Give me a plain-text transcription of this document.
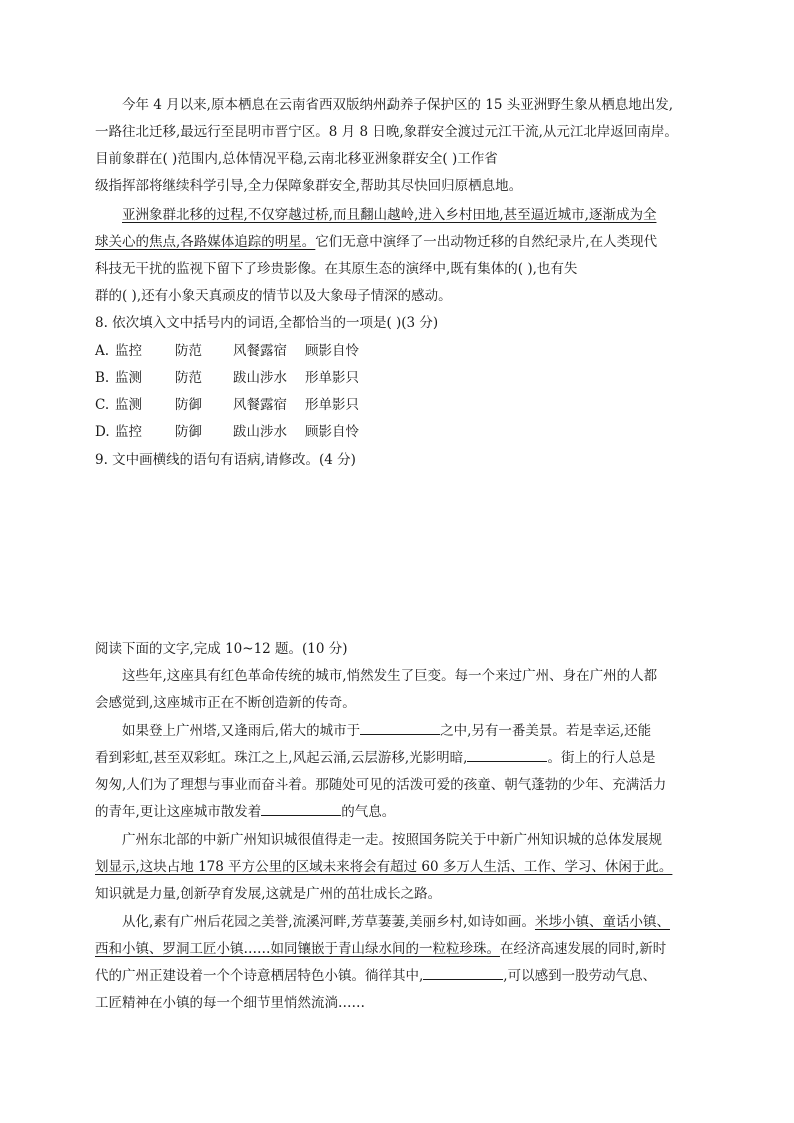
今年 4 月以来,原本栖息在云南省西双版纳州勐养子保护区的 15 头亚洲野生象从栖息地出发,
一路往北迁移,最远行至昆明市晋宁区。8 月 8 日晚,象群安全渡过元江干流,从元江北岸返回南岸。
目前象群在( )范围内,总体情况平稳,云南北移亚洲象群安全( )工作省
级指挥部将继续科学引导,全力保障象群安全,帮助其尽快回归原栖息地。
亚洲象群北移的过程,不仅穿越过桥,而且翻山越岭,进入乡村田地,甚至逼近城市,逐渐成为全
球关心的焦点,各路媒体追踪的明星。它们无意中演绎了一出动物迁移的自然纪录片,在人类现代
科技无干扰的监视下留下了珍贵影像。在其原生态的演绎中,既有集体的( ),也有失
群的( ),还有小象天真顽皮的情节以及大象母子情深的感动。
8. 依次填入文中括号内的词语,全都恰当的一项是( )(3 分)
A. 监控 防范 风餐露宿 顾影自怜
B. 监测 防范 跋山涉水 形单影只
C. 监测 防御 风餐露宿 形单影只
D. 监控 防御 跋山涉水 顾影自怜
9. 文中画横线的语句有语病,请修改。(4 分)
阅读下面的文字,完成 10~12 题。(10 分)
这些年,这座具有红色革命传统的城市,悄然发生了巨变。每一个来过广州、身在广州的人都
会感觉到,这座城市正在不断创造新的传奇。
如果登上广州塔,又逢雨后,偌大的城市于	之中,另有一番美景。若是幸运,还能
看到彩虹,甚至双彩虹。珠江之上,风起云涌,云层游移,光影明暗,	。街上的行人总是
匆匆,人们为了理想与事业而奋斗着。那随处可见的活泼可爱的孩童、朝气蓬勃的少年、充满活力
的青年,更让这座城市散发着	的气息。
广州东北部的中新广州知识城很值得走一走。按照国务院关于中新广州知识城的总体发展规
划显示,这块占地 178 平方公里的区域未来将会有超过 60 多万人生活、工作、学习、休闲于此。
知识就是力量,创新孕育发展,这就是广州的茁壮成长之路。
从化,素有广州后花园之美誉,流溪河畔,芳草萋萋,美丽乡村,如诗如画。米埗小镇、童话小镇、
西和小镇、罗洞工匠小镇……如同镶嵌于青山绿水间的一粒粒珍珠。在经济高速发展的同时,新时
代的广州正建设着一个个诗意栖居特色小镇。徜徉其中,	,可以感到一股劳动气息、
工匠精神在小镇的每一个细节里悄然流淌……
